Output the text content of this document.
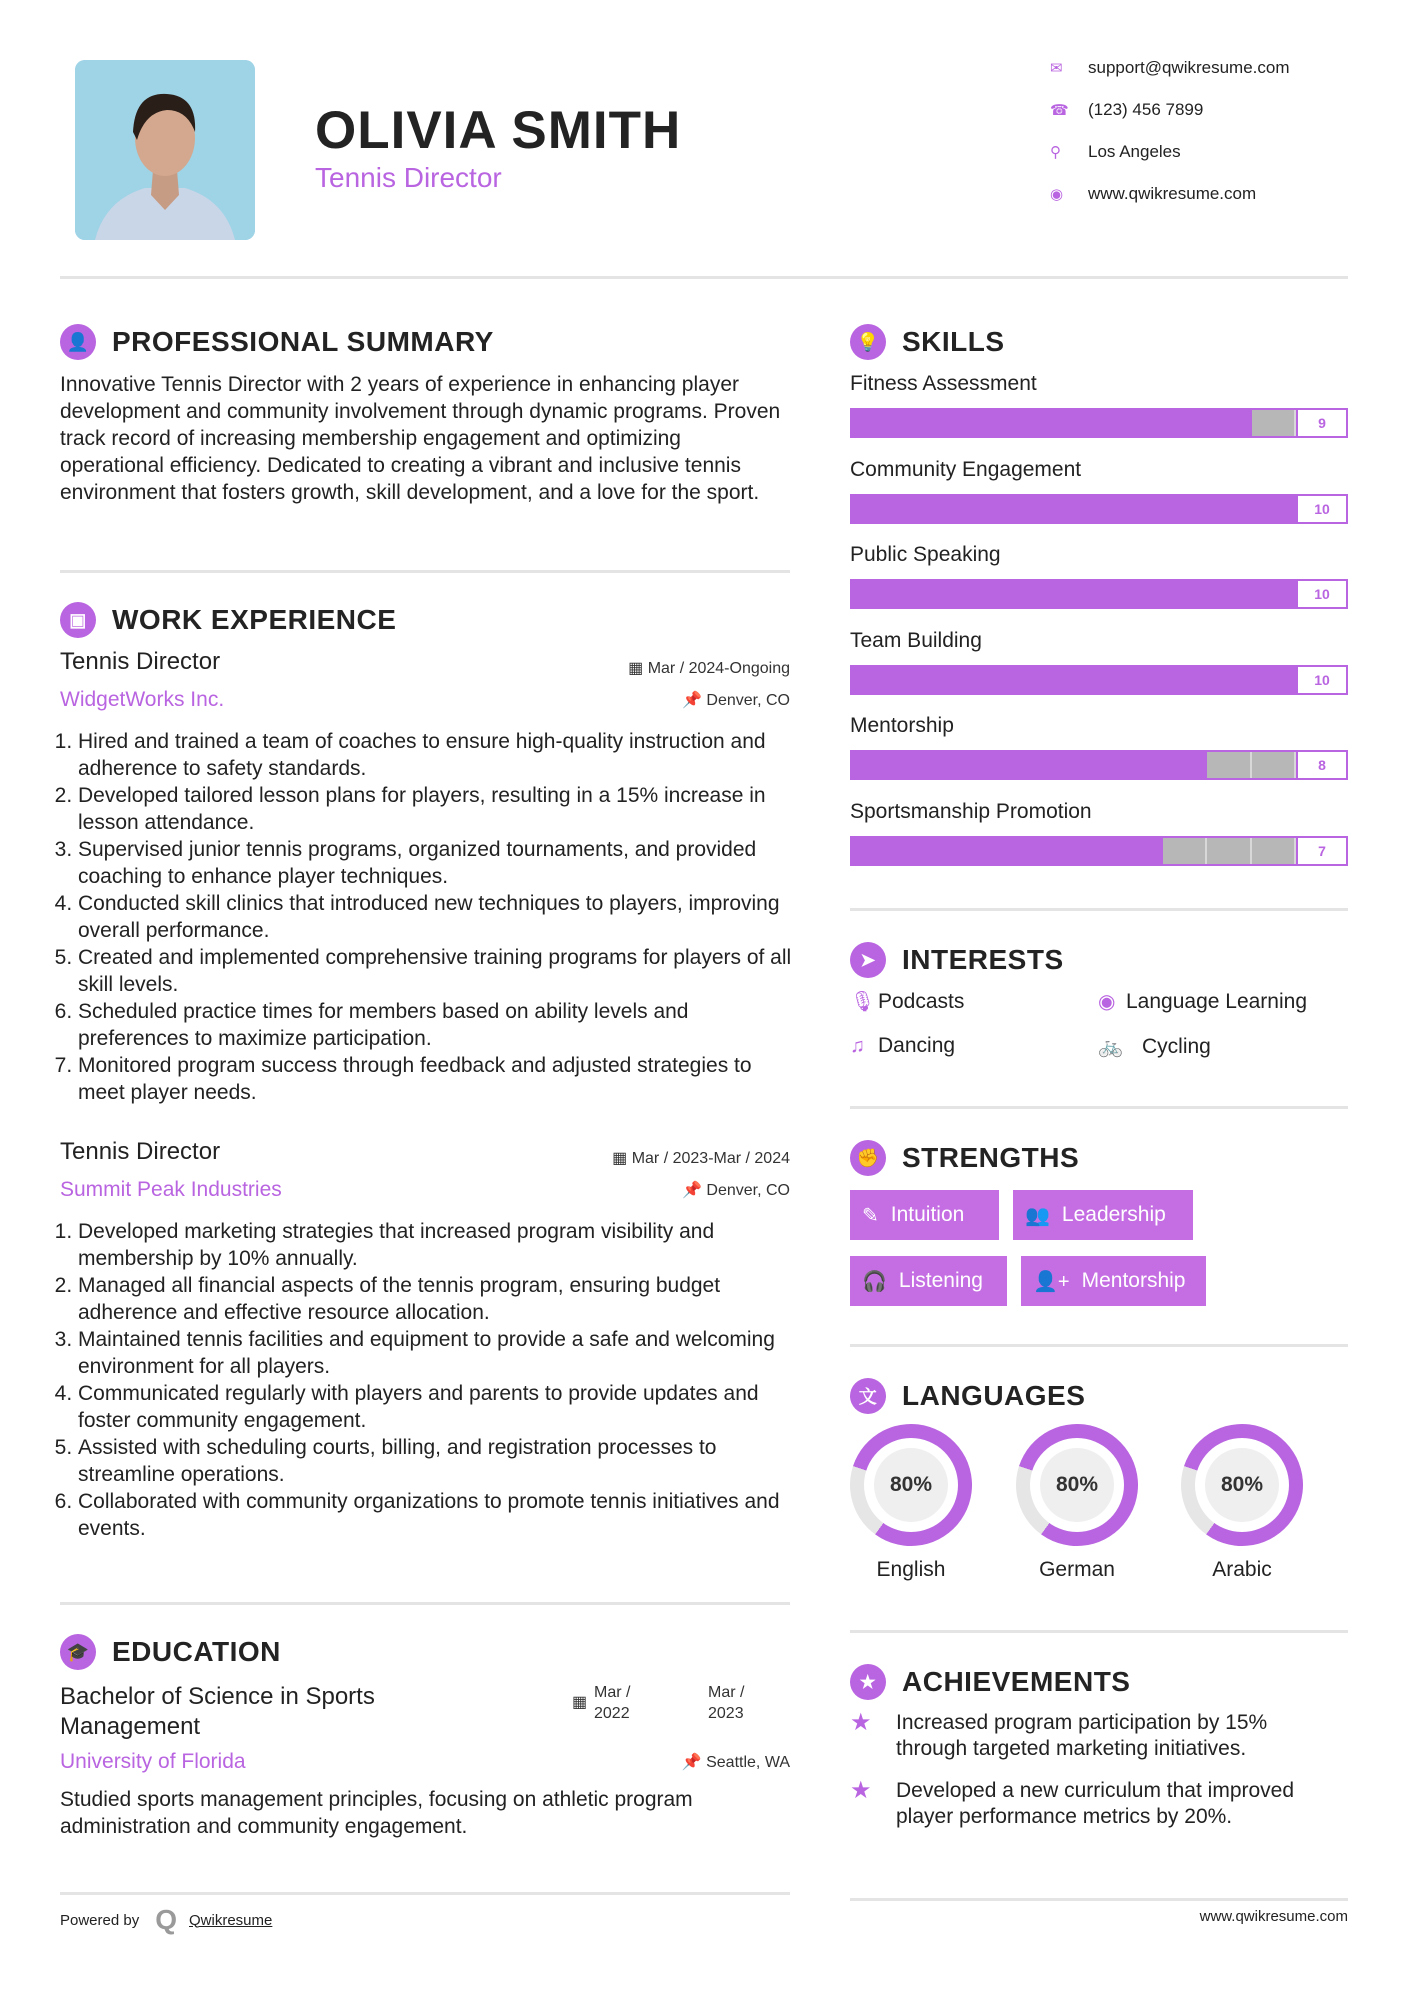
OLIVIA SMITH
Tennis Director
✉	support@qwikresume.com
☎	(123) 456 7899
⚲	Los Angeles
◉	www.qwikresume.com
👤 PROFESSIONAL SUMMARY
Innovative Tennis Director with 2 years of experience in enhancing player development and community involvement through dynamic programs. Proven track record of increasing membership engagement and optimizing operational efficiency. Dedicated to creating a vibrant and inclusive tennis environment that fosters growth, skill development, and a love for the sport.
▣ WORK EXPERIENCE
Tennis Director	▦ Mar / 2024-Ongoing
WidgetWorks Inc.	📌 Denver, CO
1. Hired and trained a team of coaches to ensure high-quality instruction and adherence to safety standards.
2. Developed tailored lesson plans for players, resulting in a 15% increase in lesson attendance.
3. Supervised junior tennis programs, organized tournaments, and provided coaching to enhance player techniques.
4. Conducted skill clinics that introduced new techniques to players, improving overall performance.
5. Created and implemented comprehensive training programs for players of all skill levels.
6. Scheduled practice times for members based on ability levels and preferences to maximize participation.
7. Monitored program success through feedback and adjusted strategies to meet player needs.
Tennis Director	▦ Mar / 2023-Mar / 2024
Summit Peak Industries	📌 Denver, CO
1. Developed marketing strategies that increased program visibility and membership by 10% annually.
2. Managed all financial aspects of the tennis program, ensuring budget adherence and effective resource allocation.
3. Maintained tennis facilities and equipment to provide a safe and welcoming environment for all players.
4. Communicated regularly with players and parents to provide updates and foster community engagement.
5. Assisted with scheduling courts, billing, and registration processes to streamline operations.
6. Collaborated with community organizations to promote tennis initiatives and events.
🎓 EDUCATION
Bachelor of Science in Sports Management
▦
Mar / 2022
Mar / 2023
University of Florida	📌 Seattle, WA
Studied sports management principles, focusing on athletic program administration and community engagement.
Powered by Q Qwikresume	www.qwikresume.com
💡 SKILLS
Fitness Assessment
9
Community Engagement
10
Public Speaking
10
Team Building
10
Mentorship
8
Sportsmanship Promotion
7
➤ INTERESTS
🎙 Podcasts	◉ Language Learning
♫ Dancing	🚲 Cycling
✊ STRENGTHS
✎ Intuition	👥 Leadership
🎧 Listening	👤+ Mentorship
文 LANGUAGES
80%
English
80%
German
80%
Arabic
★ ACHIEVEMENTS
★	Increased program participation by 15% through targeted marketing initiatives.
★	Developed a new curriculum that improved player performance metrics by 20%.
